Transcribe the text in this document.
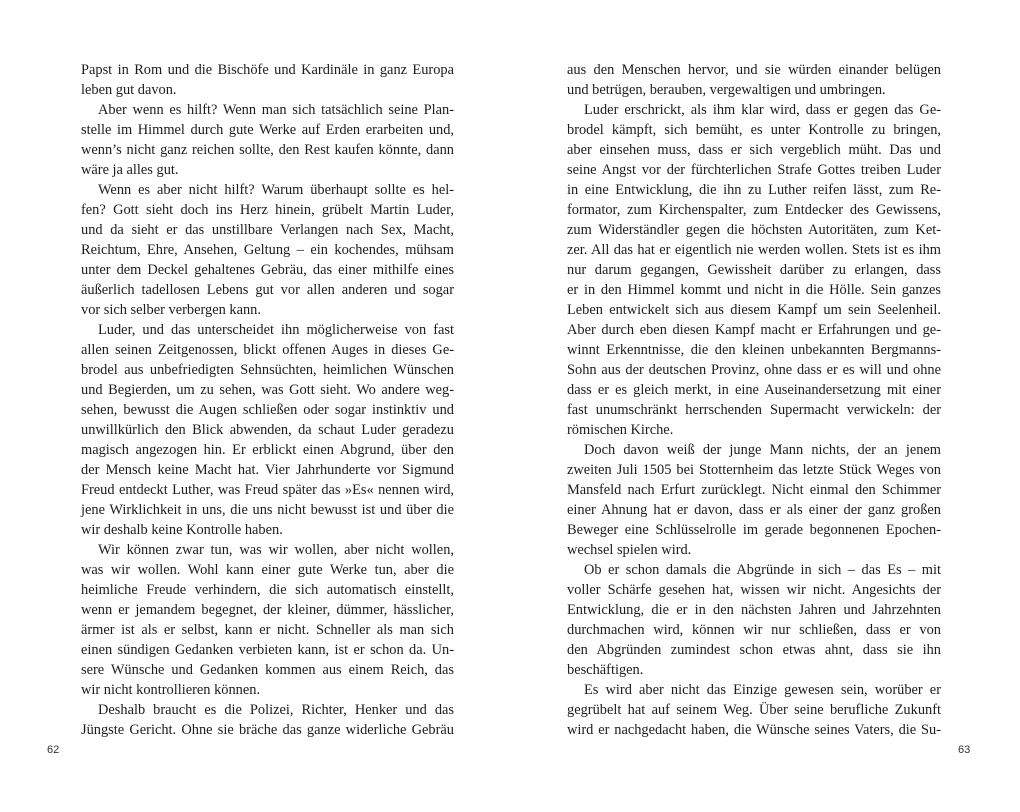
Papst in Rom und die Bischöfe und Kardinäle in ganz Europa
leben gut davon.
Aber wenn es hilft? Wenn man sich tatsächlich seine Plan-
stelle im Himmel durch gute Werke auf Erden erarbeiten und,
wenn’s nicht ganz reichen sollte, den Rest kaufen könnte, dann
wäre ja alles gut.
Wenn es aber nicht hilft? Warum überhaupt sollte es hel-
fen? Gott sieht doch ins Herz hinein, grübelt Martin Luder,
und da sieht er das unstillbare Verlangen nach Sex, Macht,
Reichtum, Ehre, Ansehen, Geltung – ein kochendes, mühsam
unter dem Deckel gehaltenes Gebräu, das einer mithilfe eines
äußerlich tadellosen Lebens gut vor allen anderen und sogar
vor sich selber verbergen kann.
Luder, und das unterscheidet ihn möglicherweise von fast
allen seinen Zeitgenossen, blickt offenen Auges in dieses Ge-
brodel aus unbefriedigten Sehnsüchten, heimlichen Wünschen
und Begierden, um zu sehen, was Gott sieht. Wo andere weg-
sehen, bewusst die Augen schließen oder sogar instinktiv und
unwillkürlich den Blick abwenden, da schaut Luder geradezu
magisch angezogen hin. Er erblickt einen Abgrund, über den
der Mensch keine Macht hat. Vier Jahrhunderte vor Sigmund
Freud entdeckt Luther, was Freud später das »Es« nennen wird,
jene Wirklichkeit in uns, die uns nicht bewusst ist und über die
wir deshalb keine Kontrolle haben.
Wir können zwar tun, was wir wollen, aber nicht wollen,
was wir wollen. Wohl kann einer gute Werke tun, aber die
heimliche Freude verhindern, die sich automatisch einstellt,
wenn er jemandem begegnet, der kleiner, dümmer, hässlicher,
ärmer ist als er selbst, kann er nicht. Schneller als man sich
einen sündigen Gedanken verbieten kann, ist er schon da. Un-
sere Wünsche und Gedanken kommen aus einem Reich, das
wir nicht kontrollieren können.
Deshalb braucht es die Polizei, Richter, Henker und das
Jüngste Gericht. Ohne sie bräche das ganze widerliche Gebräu
aus den Menschen hervor, und sie würden einander belügen
und betrügen, berauben, vergewaltigen und umbringen.
Luder erschrickt, als ihm klar wird, dass er gegen das Ge-
brodel kämpft, sich bemüht, es unter Kontrolle zu bringen,
aber einsehen muss, dass er sich vergeblich müht. Das und
seine Angst vor der fürchterlichen Strafe Gottes treiben Luder
in eine Entwicklung, die ihn zu Luther reifen lässt, zum Re-
formator, zum Kirchenspalter, zum Entdecker des Gewissens,
zum Widerständler gegen die höchsten Autoritäten, zum Ket-
zer. All das hat er eigentlich nie werden wollen. Stets ist es ihm
nur darum gegangen, Gewissheit darüber zu erlangen, dass
er in den Himmel kommt und nicht in die Hölle. Sein ganzes
Leben entwickelt sich aus diesem Kampf um sein Seelenheil.
Aber durch eben diesen Kampf macht er Erfahrungen und ge-
winnt Erkenntnisse, die den kleinen unbekannten Bergmanns-
Sohn aus der deutschen Provinz, ohne dass er es will und ohne
dass er es gleich merkt, in eine Auseinandersetzung mit einer
fast unumschränkt herrschenden Supermacht verwickeln: der
römischen Kirche.
Doch davon weiß der junge Mann nichts, der an jenem
zweiten Juli 1505 bei Stotternheim das letzte Stück Weges von
Mansfeld nach Erfurt zurücklegt. Nicht einmal den Schimmer
einer Ahnung hat er davon, dass er als einer der ganz großen
Beweger eine Schlüsselrolle im gerade begonnenen Epochen-
wechsel spielen wird.
Ob er schon damals die Abgründe in sich – das Es – mit
voller Schärfe gesehen hat, wissen wir nicht. Angesichts der
Entwicklung, die er in den nächsten Jahren und Jahrzehnten
durchmachen wird, können wir nur schließen, dass er von
den Abgründen zumindest schon etwas ahnt, dass sie ihn
beschäftigen.
Es wird aber nicht das Einzige gewesen sein, worüber er
gegrübelt hat auf seinem Weg. Über seine berufliche Zukunft
wird er nachgedacht haben, die Wünsche seines Vaters, die Su-
62	63
